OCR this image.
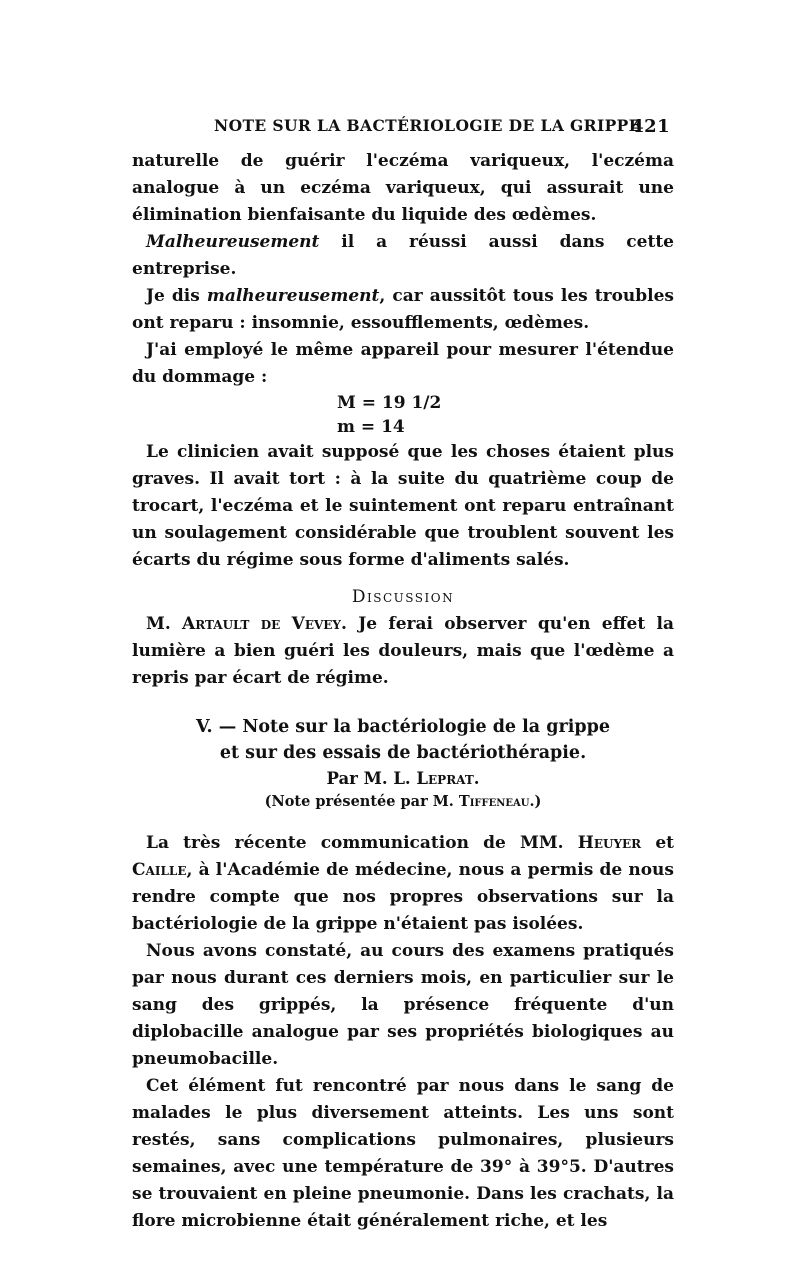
NOTE SUR LA BACTÉRIOLOGIE DE LA GRIPPE
421

naturelle de guérir l'eczéma variqueux, l'eczéma analogue à un eczéma variqueux, qui assurait une élimination bienfaisante du liquide des œdèmes.

Malheureusement il a réussi aussi dans cette entreprise.

Je dis malheureusement, car aussitôt tous les troubles ont reparu : insomnie, essoufflements, œdèmes.

J'ai employé le même appareil pour mesurer l'étendue du dommage :

M = 19 1/2
m = 14

Le clinicien avait supposé que les choses étaient plus graves. Il avait tort : à la suite du quatrième coup de trocart, l'eczéma et le suintement ont reparu entraînant un soulagement considérable que troublent souvent les écarts du régime sous forme d'aliments salés.

Discussion

M. Artault de Vevey. Je ferai observer qu'en effet la lumière a bien guéri les douleurs, mais que l'œdème a repris par écart de régime.

V. — Note sur la bactériologie de la grippe
et sur des essais de bactériothérapie.
Par M. L. Leprat.
(Note présentée par M. Tiffeneau.)

La très récente communication de MM. Heuyer et Caille, à l'Académie de médecine, nous a permis de nous rendre compte que nos propres observations sur la bactériologie de la grippe n'étaient pas isolées.

Nous avons constaté, au cours des examens pratiqués par nous durant ces derniers mois, en particulier sur le sang des grippés, la présence fréquente d'un diplobacille analogue par ses propriétés biologiques au pneumobacille.

Cet élément fut rencontré par nous dans le sang de malades le plus diversement atteints. Les uns sont restés, sans complications pulmonaires, plusieurs semaines, avec une température de 39° à 39°5. D'autres se trouvaient en pleine pneumonie. Dans les crachats, la flore microbienne était généralement riche, et les
